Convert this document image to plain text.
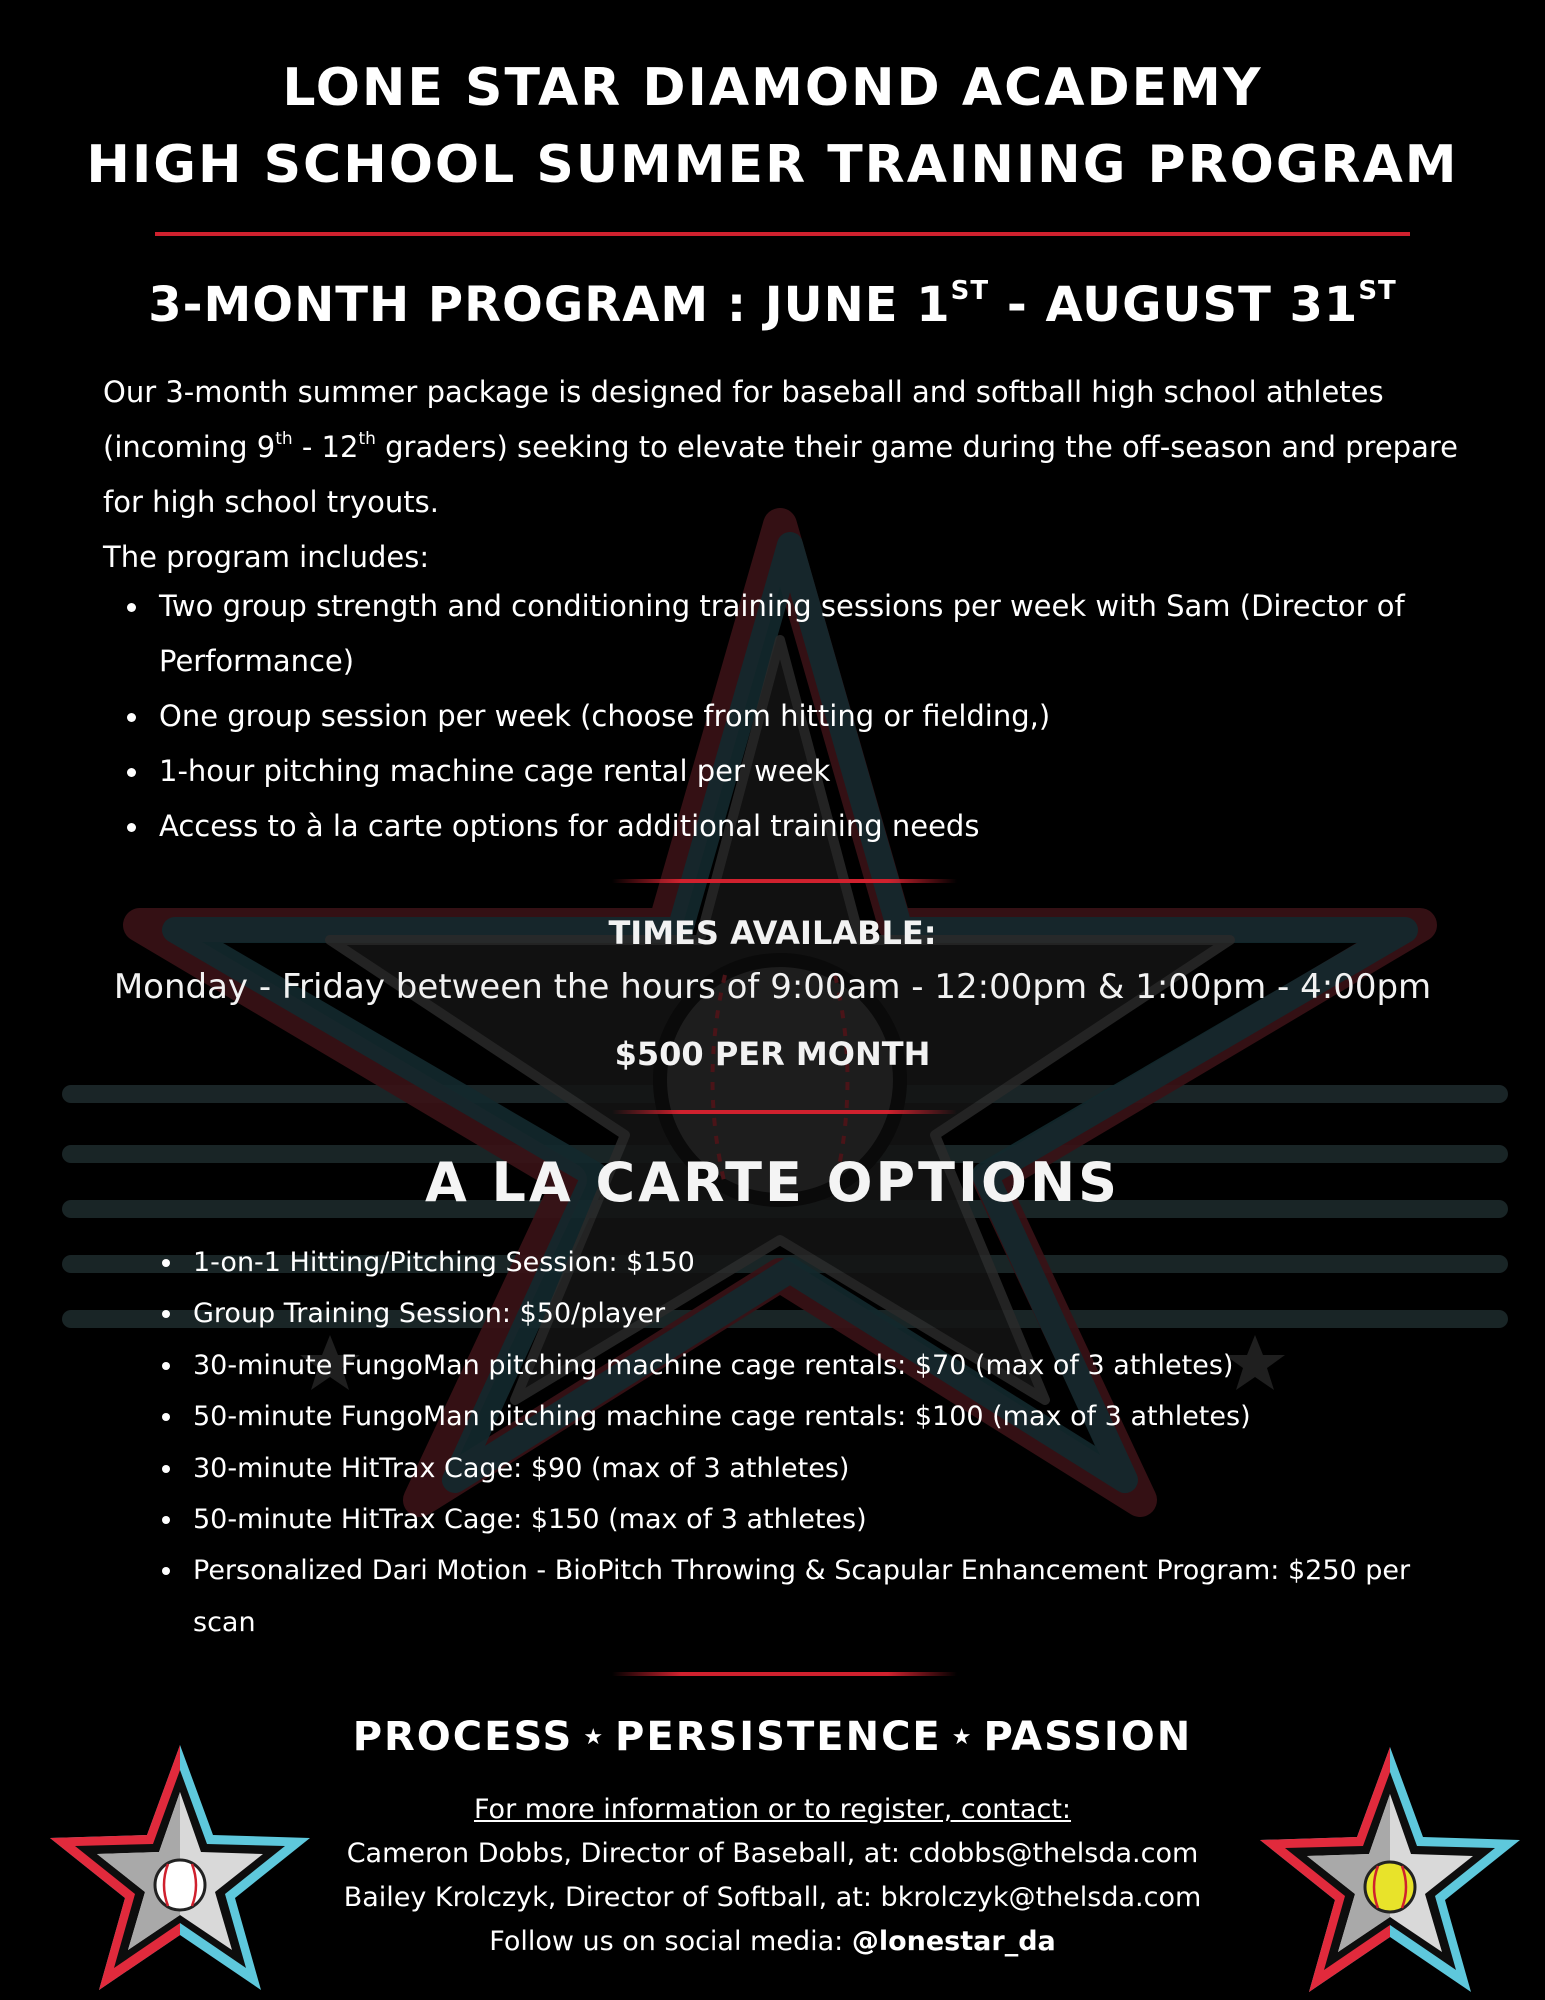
LONE STAR DIAMOND ACADEMY
HIGH SCHOOL SUMMER TRAINING PROGRAM
3-MONTH PROGRAM : JUNE 1ST - AUGUST 31ST

Our 3-month summer package is designed for baseball and softball high school athletes (incoming 9th - 12th graders) seeking to elevate their game during the off-season and prepare for high school tryouts.

The program includes:

Two group strength and conditioning training sessions per week with Sam (Director of Performance)
One group session per week (choose from hitting or fielding,)
1-hour pitching machine cage rental per week
Access to à la carte options for additional training needs
TIMES AVAILABLE:
Monday - Friday between the hours of 9:00am - 12:00pm & 1:00pm - 4:00pm
$500 PER MONTH
A LA CARTE OPTIONS
1-on-1 Hitting/Pitching Session: $150
Group Training Session: $50/player
30-minute FungoMan pitching machine cage rentals: $70 (max of 3 athletes)
50-minute FungoMan pitching machine cage rentals: $100 (max of 3 athletes)
30-minute HitTrax Cage: $90 (max of 3 athletes)
50-minute HitTrax Cage: $150 (max of 3 athletes)
Personalized Dari Motion - BioPitch Throwing & Scapular Enhancement Program: $250 per scan
PROCESS ★ PERSISTENCE ★ PASSION
For more information or to register, contact:
Cameron Dobbs, Director of Baseball, at: cdobbs@thelsda.com
Bailey Krolczyk, Director of Softball, at: bkrolczyk@thelsda.com
Follow us on social media: @lonestar_da
